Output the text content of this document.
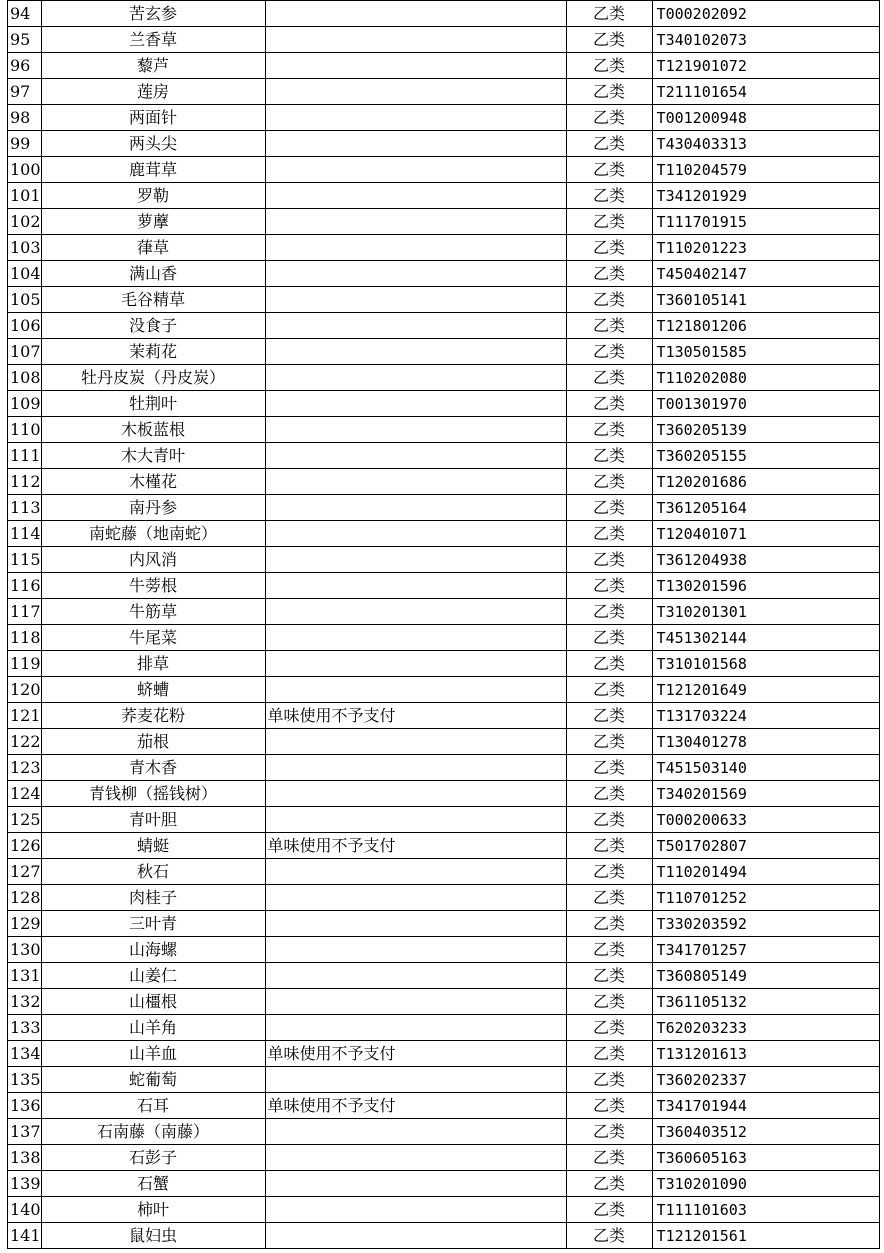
94	苦玄参		乙类	T000202092
95	兰香草		乙类	T340102073
96	藜芦		乙类	T121901072
97	莲房		乙类	T211101654
98	两面针		乙类	T001200948
99	两头尖		乙类	T430403313
100	鹿茸草		乙类	T110204579
101	罗勒		乙类	T341201929
102	萝藦		乙类	T111701915
103	葎草		乙类	T110201223
104	满山香		乙类	T450402147
105	毛谷精草		乙类	T360105141
106	没食子		乙类	T121801206
107	茉莉花		乙类	T130501585
108	牡丹皮炭（丹皮炭）		乙类	T110202080
109	牡荆叶		乙类	T001301970
110	木板蓝根		乙类	T360205139
111	木大青叶		乙类	T360205155
112	木槿花		乙类	T120201686
113	南丹参		乙类	T361205164
114	南蛇藤（地南蛇）		乙类	T120401071
115	内风消		乙类	T361204938
116	牛蒡根		乙类	T130201596
117	牛筋草		乙类	T310201301
118	牛尾菜		乙类	T451302144
119	排草		乙类	T310101568
120	蛴螬		乙类	T121201649
121	荞麦花粉	单味使用不予支付	乙类	T131703224
122	茄根		乙类	T130401278
123	青木香		乙类	T451503140
124	青钱柳（摇钱树）		乙类	T340201569
125	青叶胆		乙类	T000200633
126	蜻蜓	单味使用不予支付	乙类	T501702807
127	秋石		乙类	T110201494
128	肉桂子		乙类	T110701252
129	三叶青		乙类	T330203592
130	山海螺		乙类	T341701257
131	山姜仁		乙类	T360805149
132	山橿根		乙类	T361105132
133	山羊角		乙类	T620203233
134	山羊血	单味使用不予支付	乙类	T131201613
135	蛇葡萄		乙类	T360202337
136	石耳	单味使用不予支付	乙类	T341701944
137	石南藤（南藤）		乙类	T360403512
138	石彭子		乙类	T360605163
139	石蟹		乙类	T310201090
140	柿叶		乙类	T111101603
141	鼠妇虫		乙类	T121201561
